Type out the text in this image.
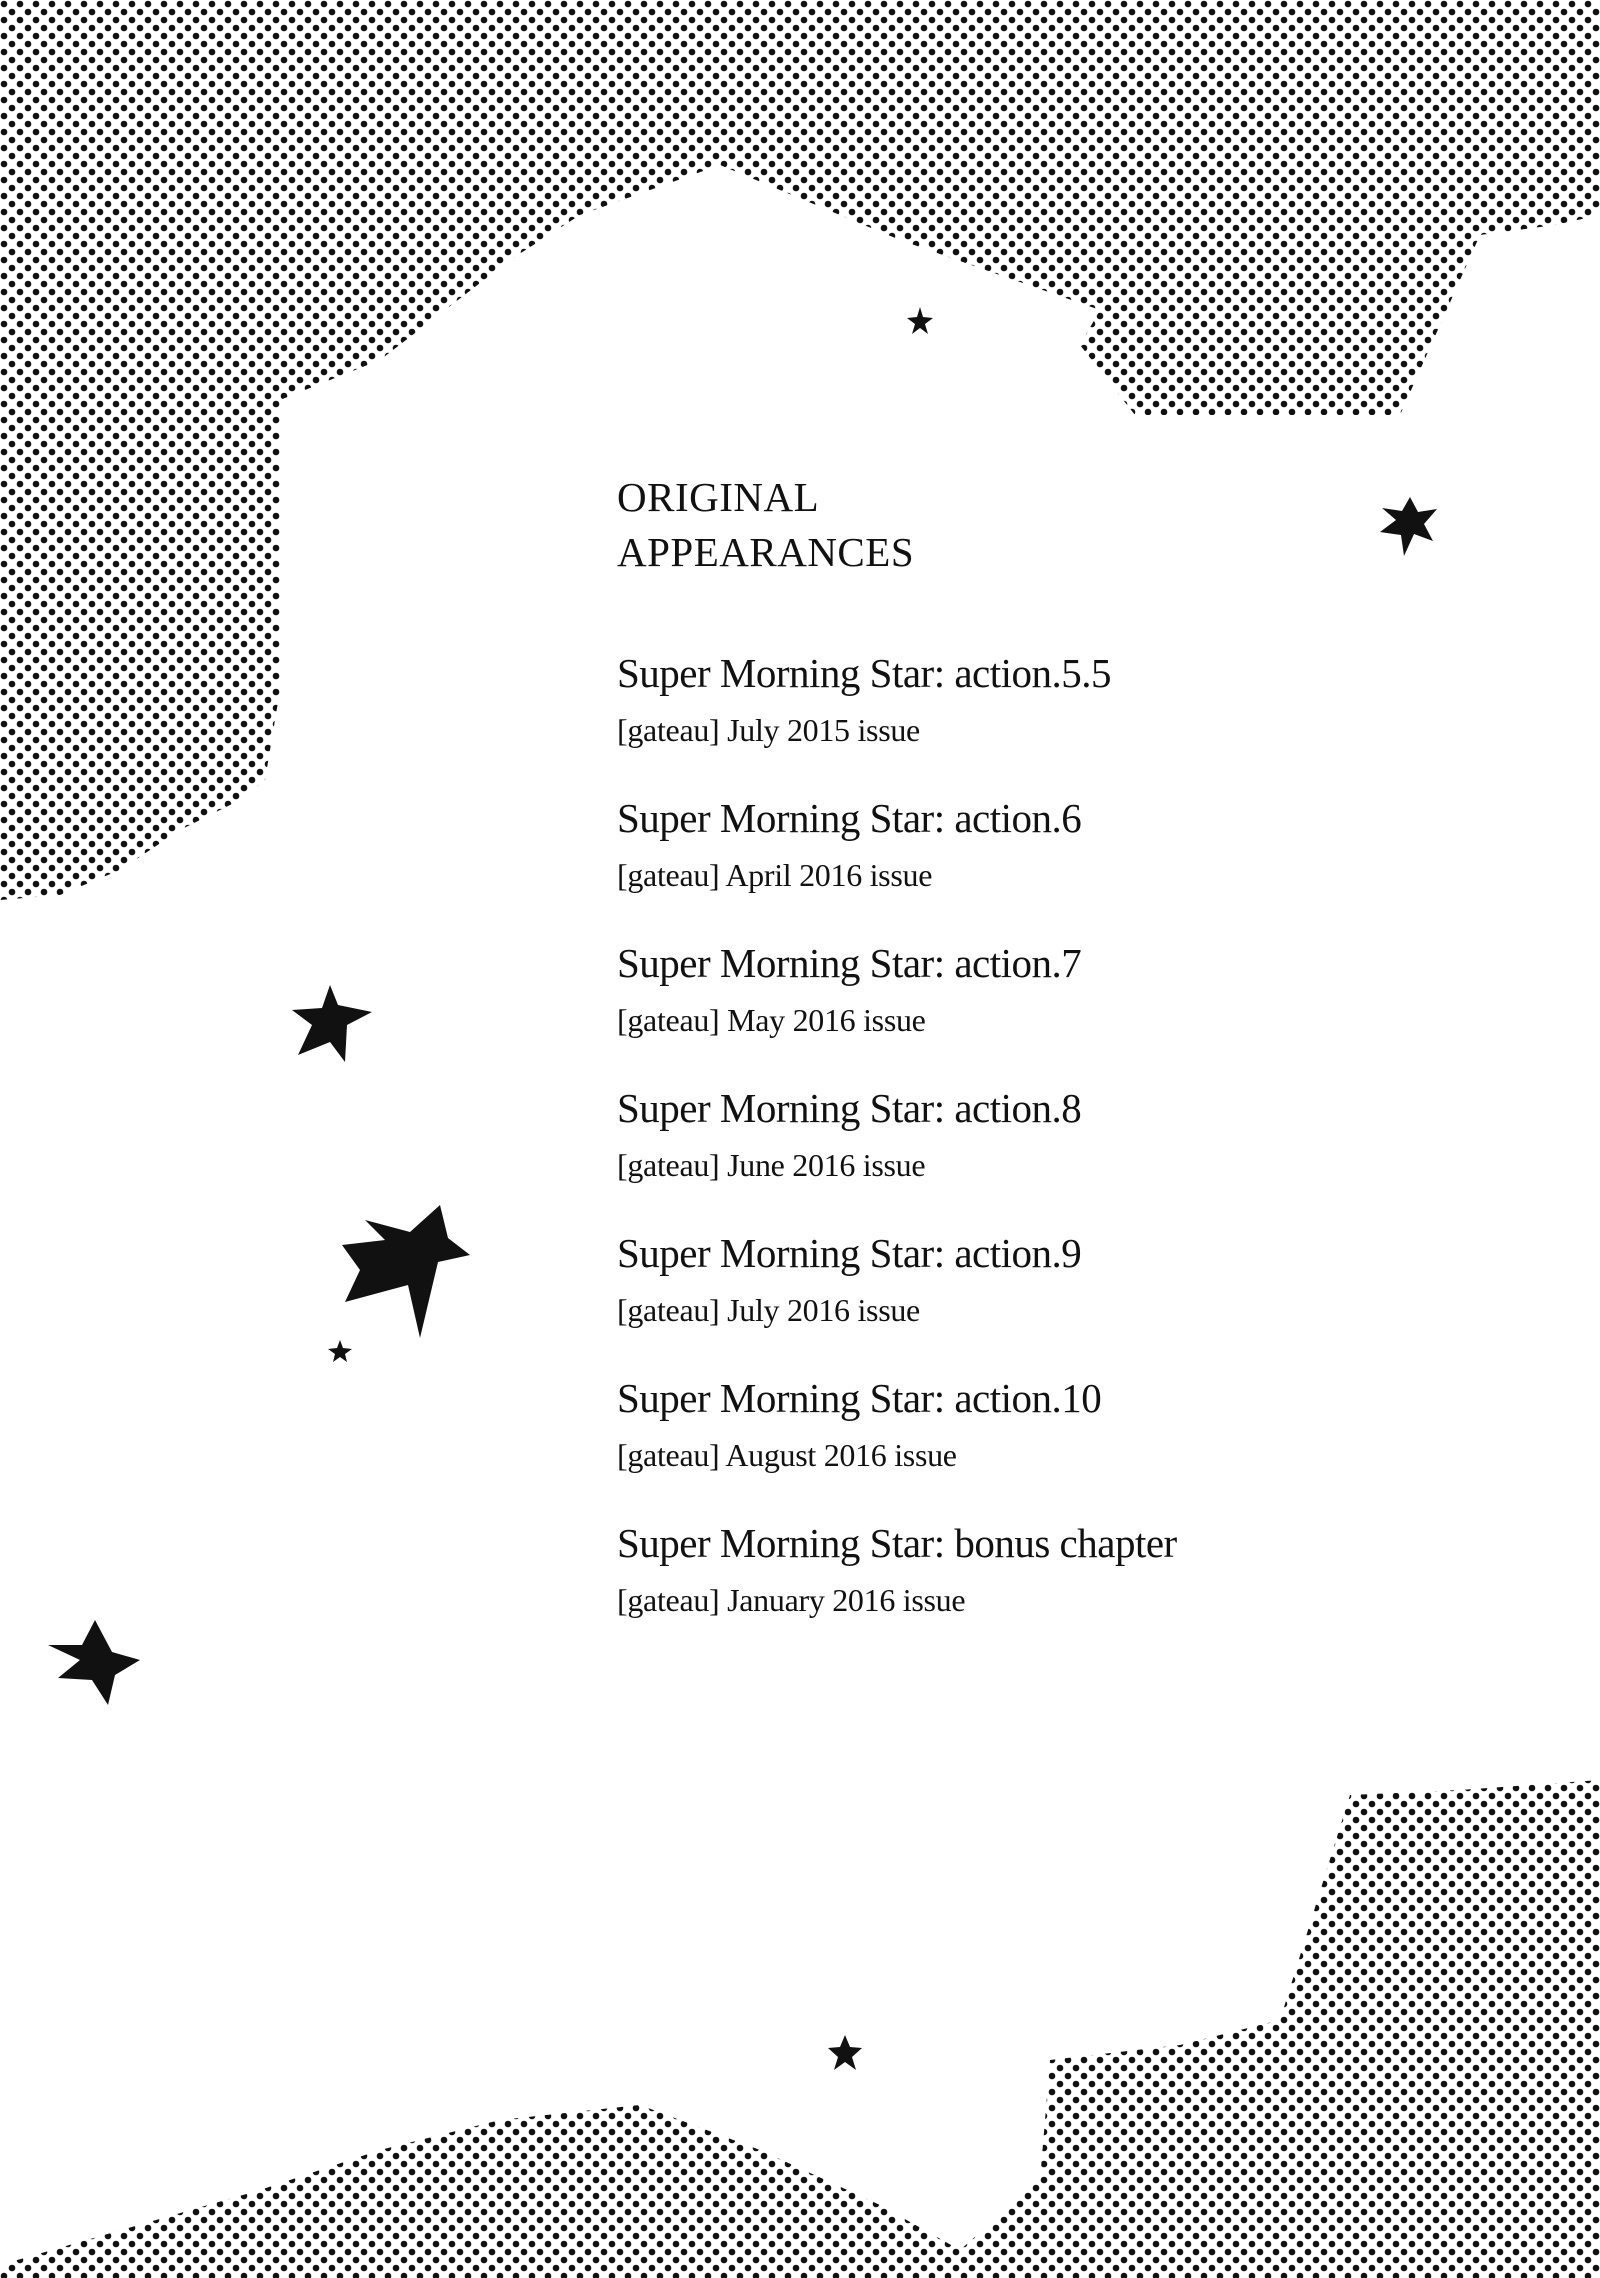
ORIGINAL
APPEARANCES
Super Morning Star: action.5.5
[gateau] July 2015 issue
Super Morning Star: action.6
[gateau] April 2016 issue
Super Morning Star: action.7
[gateau] May 2016 issue
Super Morning Star: action.8
[gateau] June 2016 issue
Super Morning Star: action.9
[gateau] July 2016 issue
Super Morning Star: action.10
[gateau] August 2016 issue
Super Morning Star: bonus chapter
[gateau] January 2016 issue
